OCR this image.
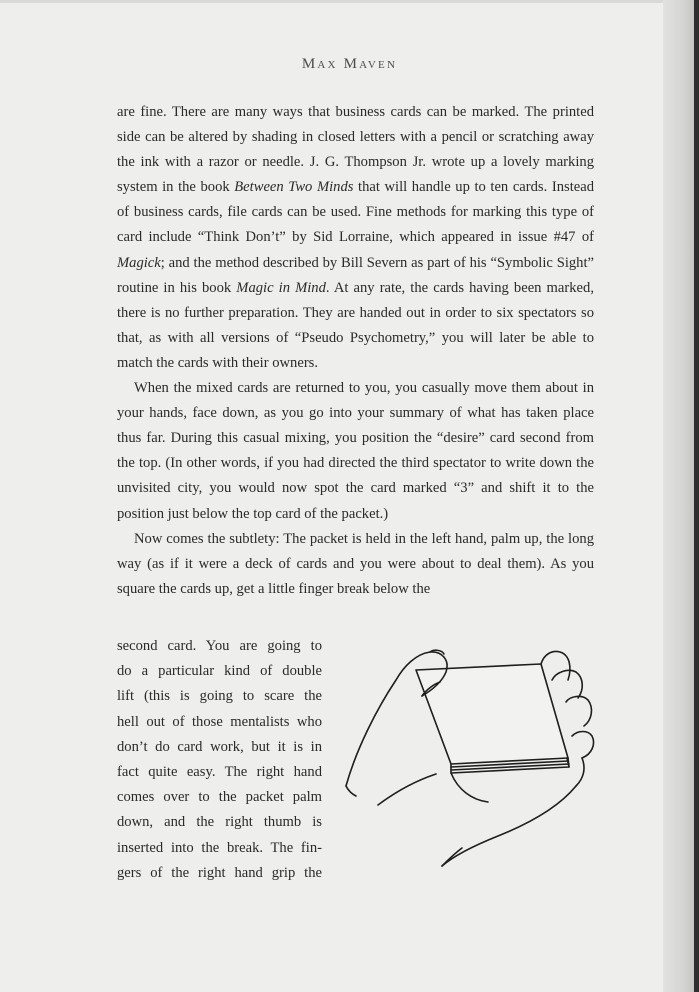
Max Maven

are fine. There are many ways that business cards can be marked. The printed side can be altered by shading in closed letters with a pencil or scratching away the ink with a razor or needle. J. G. Thompson Jr. wrote up a lovely marking system in the book Between Two Minds that will handle up to ten cards. Instead of business cards, file cards can be used. Fine methods for marking this type of card include “Think Don’t” by Sid Lorraine, which appeared in issue #47 of Magick; and the method described by Bill Severn as part of his “Symbolic Sight” routine in his book Magic in Mind. At any rate, the cards having been marked, there is no further preparation. They are handed out in order to six spectators so that, as with all versions of “Pseudo Psychometry,” you will later be able to match the cards with their owners.

When the mixed cards are returned to you, you casually move them about in your hands, face down, as you go into your summary of what has taken place thus far. During this casual mixing, you position the “desire” card second from the top. (In other words, if you had directed the third spectator to write down the unvisited city, you would now spot the card marked “3” and shift it to the position just below the top card of the packet.)

Now comes the subtlety: The packet is held in the left hand, palm up, the long way (as if it were a deck of cards and you were about to deal them). As you square the cards up, get a little finger break below the

second card. You are going to
do a particular kind of double
lift (this is going to scare the
hell out of those mentalists who
don’t do card work, but it is in
fact quite easy. The right hand
comes over to the packet palm
down, and the right thumb is
inserted into the break. The fin-
gers of the right hand grip the
